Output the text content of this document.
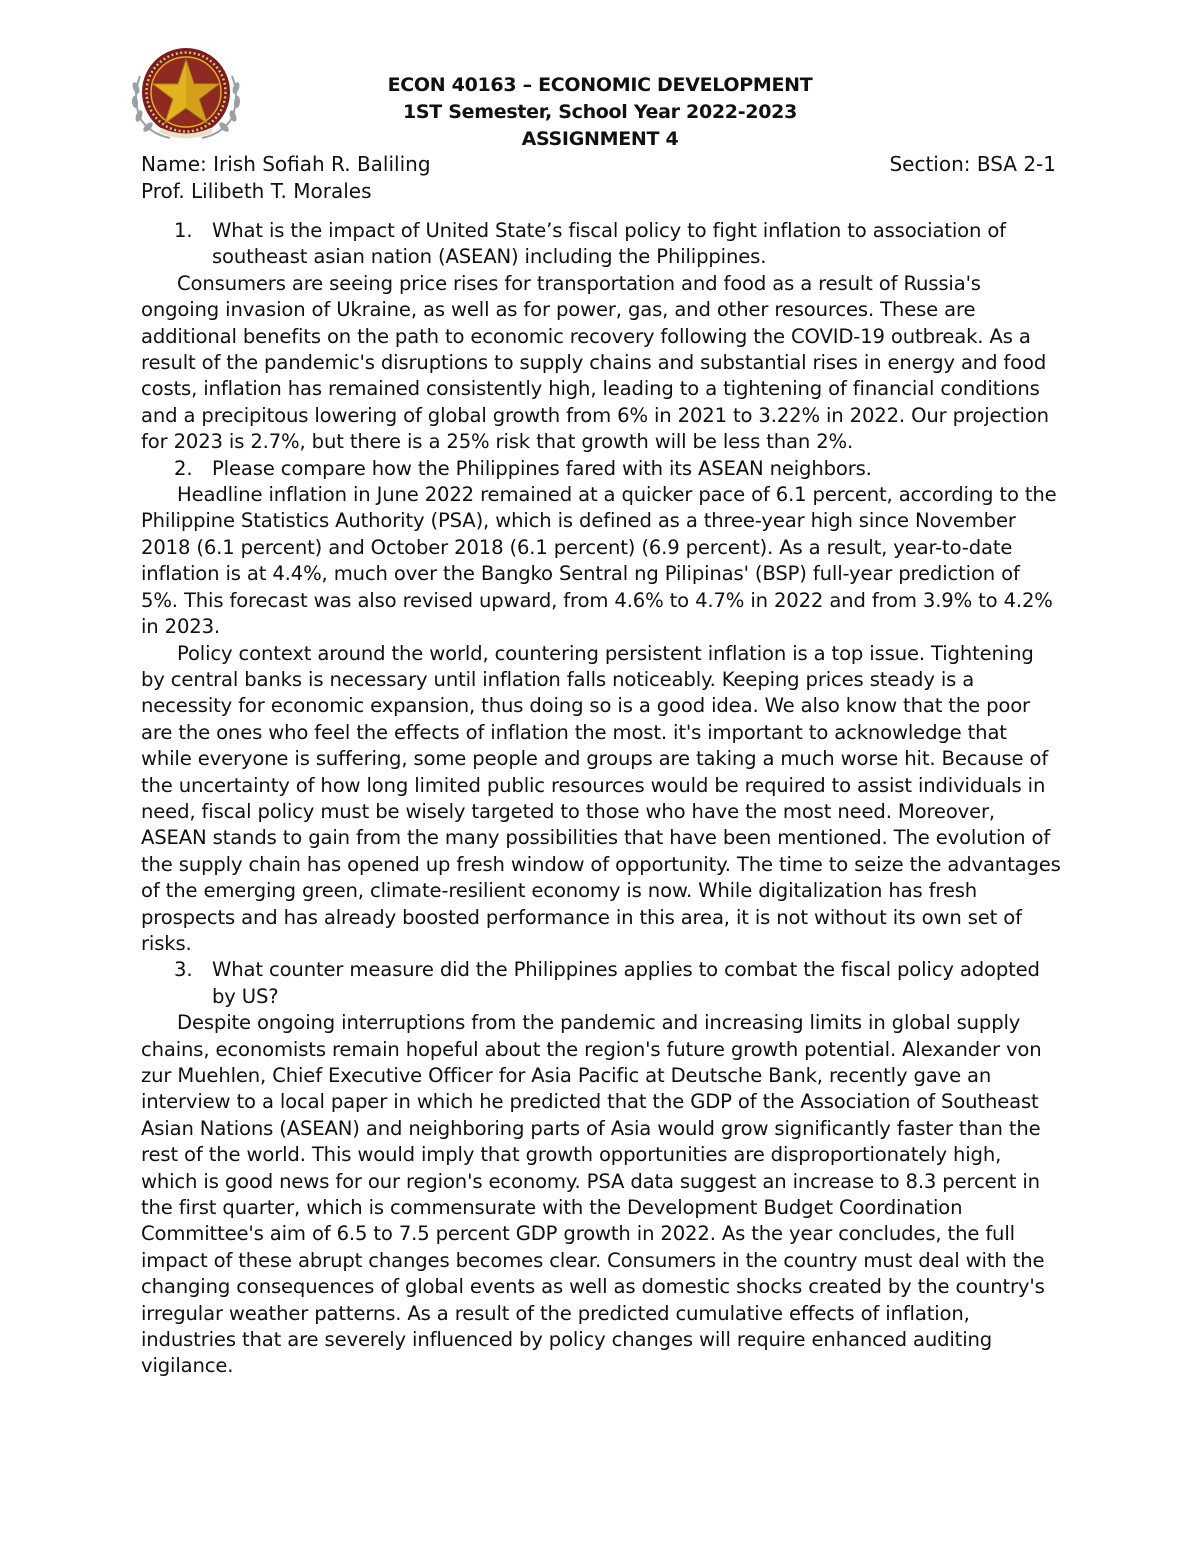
ECON 40163 – ECONOMIC DEVELOPMENT
1ST Semester, School Year 2022-2023
ASSIGNMENT 4
Name: Irish Sofiah R. Baliling	Section: BSA 2-1
Prof. Lilibeth T. Morales
1. What is the impact of United State’s fiscal policy to fight inflation to association of southeast asian nation (ASEAN) including the Philippines.

Consumers are seeing price rises for transportation and food as a result of Russia's ongoing invasion of Ukraine, as well as for power, gas, and other resources. These are additional benefits on the path to economic recovery following the COVID-19 outbreak. As a result of the pandemic's disruptions to supply chains and substantial rises in energy and food costs, inflation has remained consistently high, leading to a tightening of financial conditions and a precipitous lowering of global growth from 6% in 2021 to 3.22% in 2022. Our projection for 2023 is 2.7%, but there is a 25% risk that growth will be less than 2%.

2. Please compare how the Philippines fared with its ASEAN neighbors.

Headline inflation in June 2022 remained at a quicker pace of 6.1 percent, according to the Philippine Statistics Authority (PSA), which is defined as a three-year high since November 2018 (6.1 percent) and October 2018 (6.1 percent) (6.9 percent). As a result, year-to-date inflation is at 4.4%, much over the Bangko Sentral ng Pilipinas' (BSP) full-year prediction of 5%. This forecast was also revised upward, from 4.6% to 4.7% in 2022 and from 3.9% to 4.2% in 2023.

Policy context around the world, countering persistent inflation is a top issue. Tightening by central banks is necessary until inflation falls noticeably. Keeping prices steady is a necessity for economic expansion, thus doing so is a good idea. We also know that the poor are the ones who feel the effects of inflation the most. it's important to acknowledge that while everyone is suffering, some people and groups are taking a much worse hit. Because of the uncertainty of how long limited public resources would be required to assist individuals in need, fiscal policy must be wisely targeted to those who have the most need. Moreover, ASEAN stands to gain from the many possibilities that have been mentioned. The evolution of the supply chain has opened up fresh window of opportunity. The time to seize the advantages of the emerging green, climate-resilient economy is now. While digitalization has fresh prospects and has already boosted performance in this area, it is not without its own set of risks.

3. What counter measure did the Philippines applies to combat the fiscal policy adopted by US?

Despite ongoing interruptions from the pandemic and increasing limits in global supply chains, economists remain hopeful about the region's future growth potential. Alexander von zur Muehlen, Chief Executive Officer for Asia Pacific at Deutsche Bank, recently gave an interview to a local paper in which he predicted that the GDP of the Association of Southeast Asian Nations (ASEAN) and neighboring parts of Asia would grow significantly faster than the rest of the world. This would imply that growth opportunities are disproportionately high, which is good news for our region's economy. PSA data suggest an increase to 8.3 percent in the first quarter, which is commensurate with the Development Budget Coordination Committee's aim of 6.5 to 7.5 percent GDP growth in 2022. As the year concludes, the full impact of these abrupt changes becomes clear. Consumers in the country must deal with the changing consequences of global events as well as domestic shocks created by the country's irregular weather patterns. As a result of the predicted cumulative effects of inflation, industries that are severely influenced by policy changes will require enhanced auditing vigilance.
